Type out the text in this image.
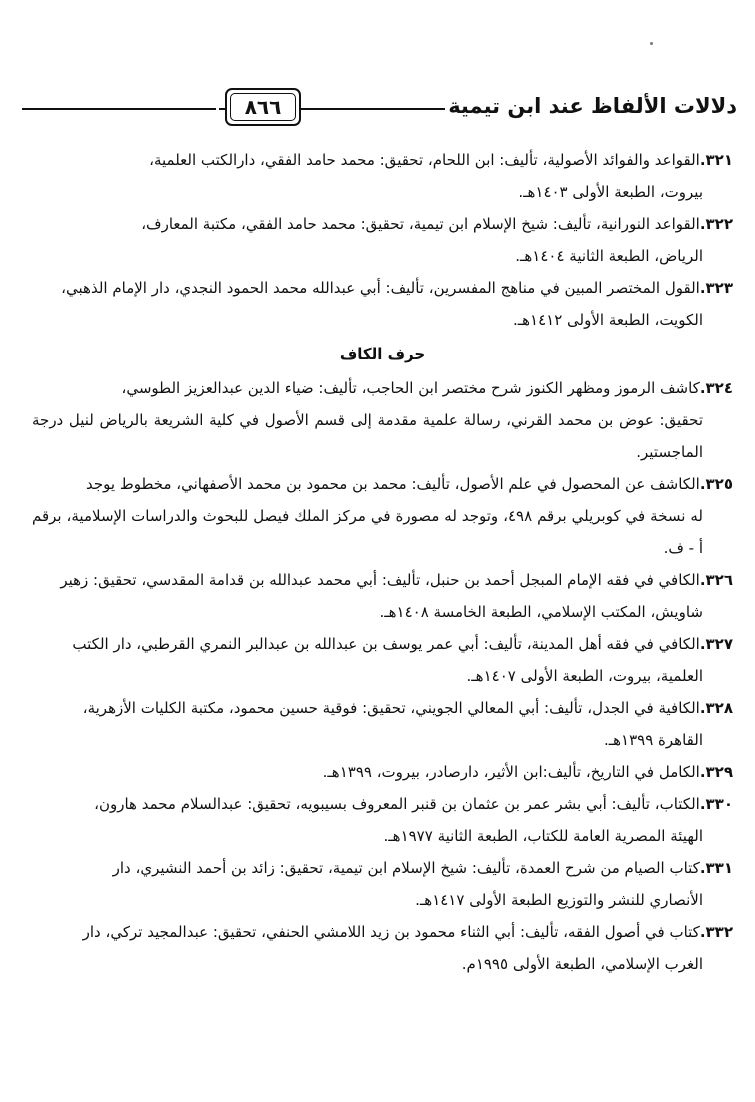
دلالات الألفاظ عند ابن تيمية
٨٦٦

٣٢١.القواعد والفوائد الأصولية، تأليف: ابن اللحام، تحقيق: محمد حامد الفقي، دارالكتب العلمية،
بيروت، الطبعة الأولى ١٤٠٣هـ.

٣٢٢.القواعد النورانية، تأليف: شيخ الإسلام ابن تيمية، تحقيق: محمد حامد الفقي، مكتبة المعارف،
الرياض، الطبعة الثانية ١٤٠٤هـ.

٣٢٣.القول المختصر المبين في مناهج المفسرين، تأليف: أبي عبدالله محمد الحمود النجدي، دار الإمام الذهبي،
الكويت، الطبعة الأولى ١٤١٢هـ.

حرف الكاف

٣٢٤.كاشف الرموز ومظهر الكنوز شرح مختصر ابن الحاجب، تأليف: ضياء الدين عبدالعزيز الطوسي،
تحقيق: عوض بن محمد القرني، رسالة علمية مقدمة إلى قسم الأصول في كلية الشريعة بالرياض لنيل درجة الماجستير.

٣٢٥.الكاشف عن المحصول في علم الأصول، تأليف: محمد بن محمود بن محمد الأصفهاني، مخطوط يوجد
له نسخة في كوبريلي برقم ٤٩٨، وتوجد له مصورة في مركز الملك فيصل للبحوث والدراسات الإسلامية، برقم أ - ف.

٣٢٦.الكافي في فقه الإمام المبجل أحمد بن حنبل، تأليف: أبي محمد عبدالله بن قدامة المقدسي، تحقيق: زهير
شاويش، المكتب الإسلامي، الطبعة الخامسة ١٤٠٨هـ.

٣٢٧.الكافي في فقه أهل المدينة، تأليف: أبي عمر يوسف بن عبدالله بن عبدالبر النمري القرطبي، دار الكتب
العلمية، بيروت، الطبعة الأولى ١٤٠٧هـ.

٣٢٨.الكافية في الجدل، تأليف: أبي المعالي الجويني، تحقيق: فوقية حسين محمود، مكتبة الكليات الأزهرية،
القاهرة ١٣٩٩هـ.

٣٢٩.الكامل في التاريخ، تأليف:ابن الأثير، دارصادر، بيروت، ١٣٩٩هـ.

٣٣٠.الكتاب، تأليف: أبي بشر عمر بن عثمان بن قنبر المعروف بسيبويه، تحقيق: عبدالسلام محمد هارون،
الهيئة المصرية العامة للكتاب، الطبعة الثانية ١٩٧٧هـ.

٣٣١.كتاب الصيام من شرح العمدة، تأليف: شيخ الإسلام ابن تيمية، تحقيق: زائد بن أحمد النشيري، دار
الأنصاري للنشر والتوزيع الطبعة الأولى ١٤١٧هـ.

٣٣٢.كتاب في أصول الفقه، تأليف: أبي الثناء محمود بن زيد اللامشي الحنفي، تحقيق: عبدالمجيد تركي، دار
الغرب الإسلامي، الطبعة الأولى ١٩٩٥م.
